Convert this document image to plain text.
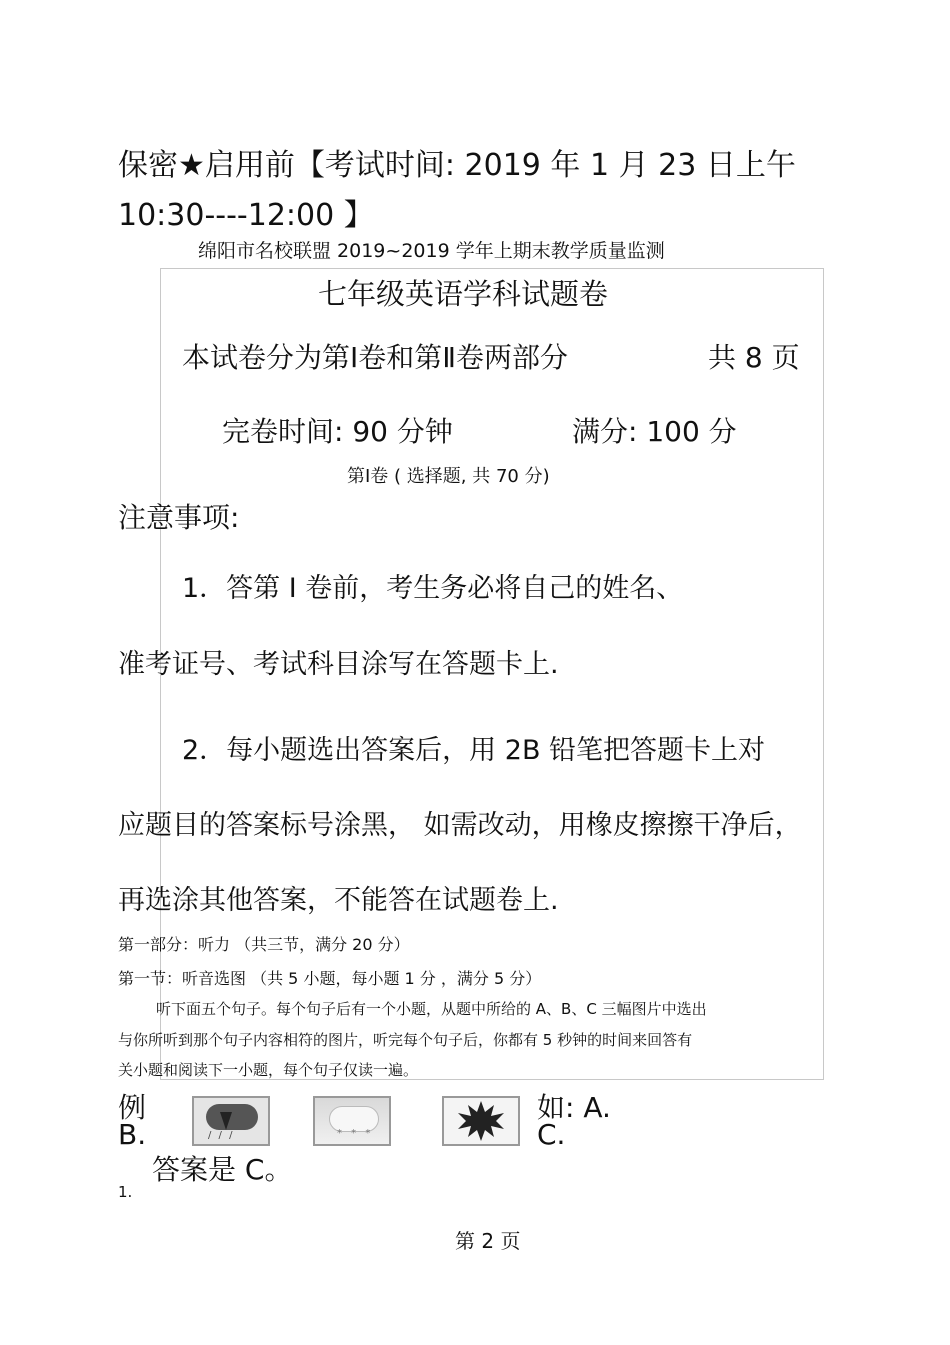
保密★启用前【考试时间: 2019 年 1 月 23 日上午
10:30----12:00 】
绵阳市名校联盟 2019~2019 学年上期末教学质量监测
七年级英语学科试题卷
本试卷分为第Ⅰ卷和第Ⅱ卷两部分	共 8 页
完卷时间: 90 分钟	满分: 100 分
第Ⅰ卷 ( 选择题, 共 70 分)
注意事项:
1．答第 Ⅰ 卷前，考生务必将自己的姓名、
准考证号、考试科目涂写在答题卡上.
2．每小题选出答案后，用 2B 铅笔把答题卡上对
应题目的答案标号涂黑， 如需改动，用橡皮擦擦干净后，
再选涂其他答案，不能答在试题卷上.
第一部分：听力 （共三节，满分 20 分）
第一节：听音选图 （共 5 小题，每小题 1 分 ，满分 5 分）
听下面五个句子。每个句子后有一个小题，从题中所给的 A、B、C 三幅图片中选出
与你所听到那个句子内容相符的图片，听完每个句子后，你都有 5 秒钟的时间来回答有
关小题和阅读下一小题，每个句子仅读一遍。
例	如: A.
B.	C.
/ / /	* * *
答案是 C。
1.
第 2 页
